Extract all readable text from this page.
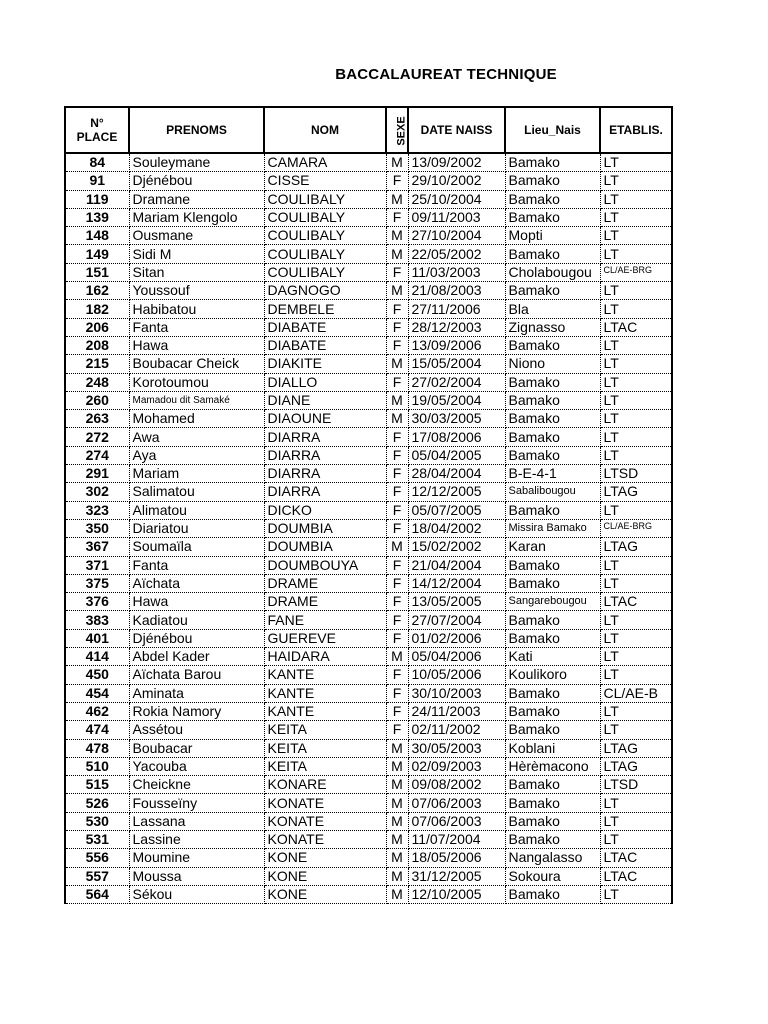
BACCALAUREAT TECHNIQUE
N°
PLACE	PRENOMS	NOM	SEXE	DATE NAISS	Lieu_Nais	ETABLIS.
84	Souleymane	CAMARA	M	13/09/2002	Bamako	LT
91	Djénébou	CISSE	F	29/10/2002	Bamako	LT
119	Dramane	COULIBALY	M	25/10/2004	Bamako	LT
139	Mariam Klengolo	COULIBALY	F	09/11/2003	Bamako	LT
148	Ousmane	COULIBALY	M	27/10/2004	Mopti	LT
149	Sidi M	COULIBALY	M	22/05/2002	Bamako	LT
151	Sitan	COULIBALY	F	11/03/2003	Cholabougou	CL/AE-BRG
162	Youssouf	DAGNOGO	M	21/08/2003	Bamako	LT
182	Habibatou	DEMBELE	F	27/11/2006	Bla	LT
206	Fanta	DIABATE	F	28/12/2003	Zignasso	LTAC
208	Hawa	DIABATE	F	13/09/2006	Bamako	LT
215	Boubacar Cheick	DIAKITE	M	15/05/2004	Niono	LT
248	Korotoumou	DIALLO	F	27/02/2004	Bamako	LT
260	Mamadou dit Samaké	DIANE	M	19/05/2004	Bamako	LT
263	Mohamed	DIAOUNE	M	30/03/2005	Bamako	LT
272	Awa	DIARRA	F	17/08/2006	Bamako	LT
274	Aya	DIARRA	F	05/04/2005	Bamako	LT
291	Mariam	DIARRA	F	28/04/2004	B-E-4-1	LTSD
302	Salimatou	DIARRA	F	12/12/2005	Sabalibougou	LTAG
323	Alimatou	DICKO	F	05/07/2005	Bamako	LT
350	Diariatou	DOUMBIA	F	18/04/2002	Missira Bamako	CL/AE-BRG
367	Soumaïla	DOUMBIA	M	15/02/2002	Karan	LTAG
371	Fanta	DOUMBOUYA	F	21/04/2004	Bamako	LT
375	Aïchata	DRAME	F	14/12/2004	Bamako	LT
376	Hawa	DRAME	F	13/05/2005	Sangarebougou	LTAC
383	Kadiatou	FANE	F	27/07/2004	Bamako	LT
401	Djénébou	GUEREVE	F	01/02/2006	Bamako	LT
414	Abdel Kader	HAIDARA	M	05/04/2006	Kati	LT
450	Aïchata Barou	KANTE	F	10/05/2006	Koulikoro	LT
454	Aminata	KANTE	F	30/10/2003	Bamako	CL/AE-B
462	Rokia Namory	KANTE	F	24/11/2003	Bamako	LT
474	Assétou	KEITA	F	02/11/2002	Bamako	LT
478	Boubacar	KEITA	M	30/05/2003	Koblani	LTAG
510	Yacouba	KEITA	M	02/09/2003	Hèrèmacono	LTAG
515	Cheickne	KONARE	M	09/08/2002	Bamako	LTSD
526	Fousseïny	KONATE	M	07/06/2003	Bamako	LT
530	Lassana	KONATE	M	07/06/2003	Bamako	LT
531	Lassine	KONATE	M	11/07/2004	Bamako	LT
556	Moumine	KONE	M	18/05/2006	Nangalasso	LTAC
557	Moussa	KONE	M	31/12/2005	Sokoura	LTAC
564	Sékou	KONE	M	12/10/2005	Bamako	LT
